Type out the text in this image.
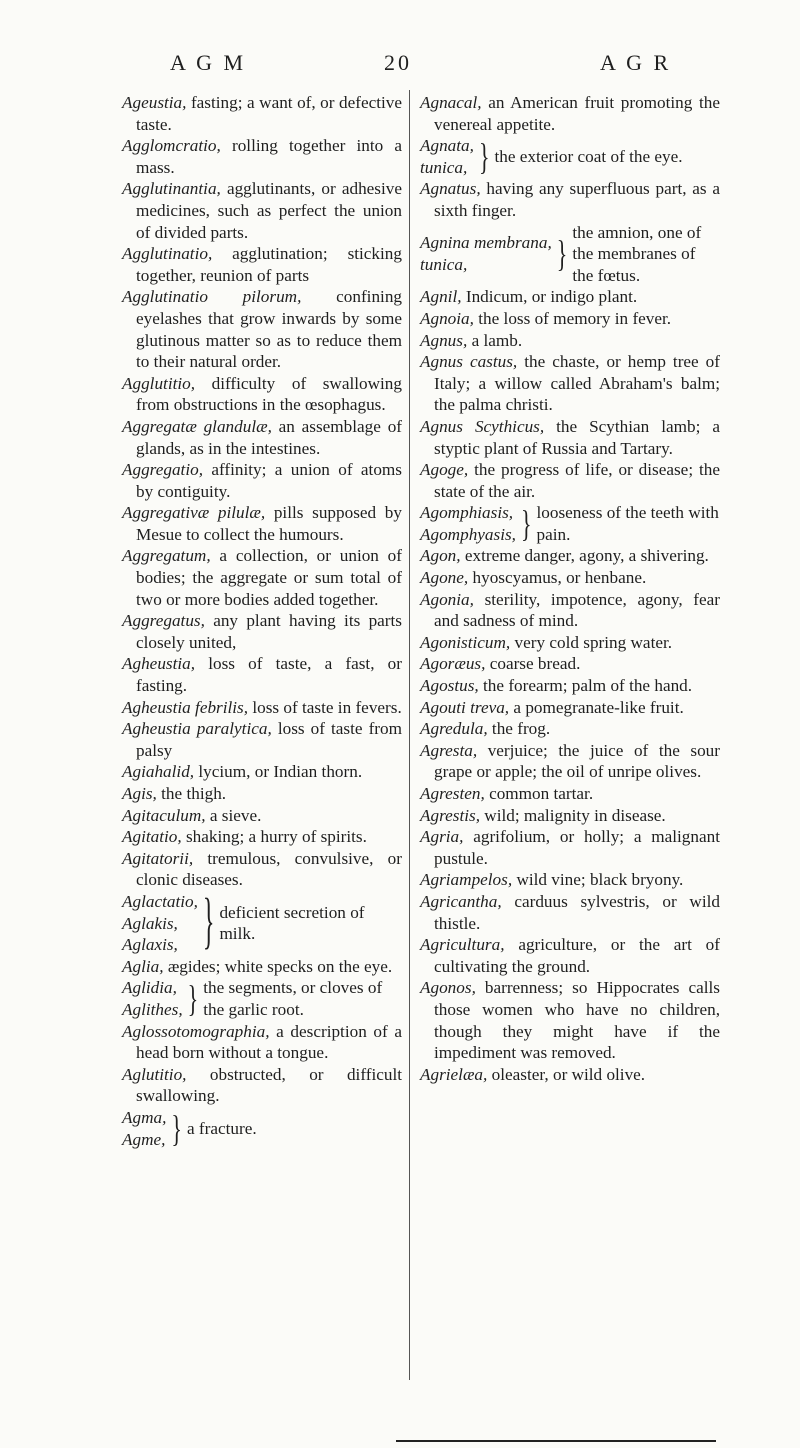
A G M	20	A G R

Ageustia, fasting; a want of, or defective taste.

Agglomcratio, rolling together into a mass.

Agglutinantia, agglutinants, or adhesive medicines, such as perfect the union of divided parts.

Agglutinatio, agglutination; sticking together, reunion of parts

Agglutinatio pilorum, confining eyelashes that grow inwards by some glutinous matter so as to reduce them to their natural order.

Agglutitio, difficulty of swallowing from obstructions in the œsophagus.

Aggregatæ glandulæ, an assemblage of glands, as in the intestines.

Aggregatio, affinity; a union of atoms by contiguity.

Aggregativæ pilulæ, pills supposed by Mesue to collect the humours.

Aggregatum, a collection, or union of bodies; the aggregate or sum total of two or more bodies added together.

Aggregatus, any plant having its parts closely united,

Agheustia, loss of taste, a fast, or fasting.

Agheustia febrilis, loss of taste in fevers.

Agheustia paralytica, loss of taste from palsy

Agiahalid, lycium, or Indian thorn.

Agis, the thigh.

Agitaculum, a sieve.

Agitatio, shaking; a hurry of spirits.

Agitatorii, tremulous, convulsive, or clonic diseases.

Aglactatio,
Aglakis,
Aglaxis,	} deficient secretion of milk.

Aglia, ægides; white specks on the eye.

Aglidia,
Aglithes, } the segments, or cloves of the garlic root.

Aglossotomographia, a description of a head born without a tongue.

Aglutitio, obstructed, or difficult swallowing.

Agma,
Agme, } a fracture.

Agnacal, an American fruit promoting the venereal appetite.

Agnata,
tunica, } the exterior coat of the eye.

Agnatus, having any superfluous part, as a sixth finger.

Agnina membrana,
tunica,	} the amnion, one of the membranes of the fœtus.

Agnil, Indicum, or indigo plant.

Agnoia, the loss of memory in fever.

Agnus, a lamb.

Agnus castus, the chaste, or hemp tree of Italy; a willow called Abraham's balm; the palma christi.

Agnus Scythicus, the Scythian lamb; a styptic plant of Russia and Tartary.

Agoge, the progress of life, or disease; the state of the air.

Agomphiasis,
Agomphyasis, } looseness of the teeth with pain.

Agon, extreme danger, agony, a shivering.

Agone, hyoscyamus, or henbane.

Agonia, sterility, impotence, agony, fear and sadness of mind.

Agonisticum, very cold spring water.

Agoræus, coarse bread.

Agostus, the forearm; palm of the hand.

Agouti treva, a pomegranate-like fruit.

Agredula, the frog.

Agresta, verjuice; the juice of the sour grape or apple; the oil of unripe olives.

Agresten, common tartar.

Agrestis, wild; malignity in disease.

Agria, agrifolium, or holly; a malignant pustule.

Agriampelos, wild vine; black bryony.

Agricantha, carduus sylvestris, or wild thistle.

Agricultura, agriculture, or the art of cultivating the ground.

Agonos, barrenness; so Hippocrates calls those women who have no children, though they might have if the impediment was removed.

Agrielæa, oleaster, or wild olive.
